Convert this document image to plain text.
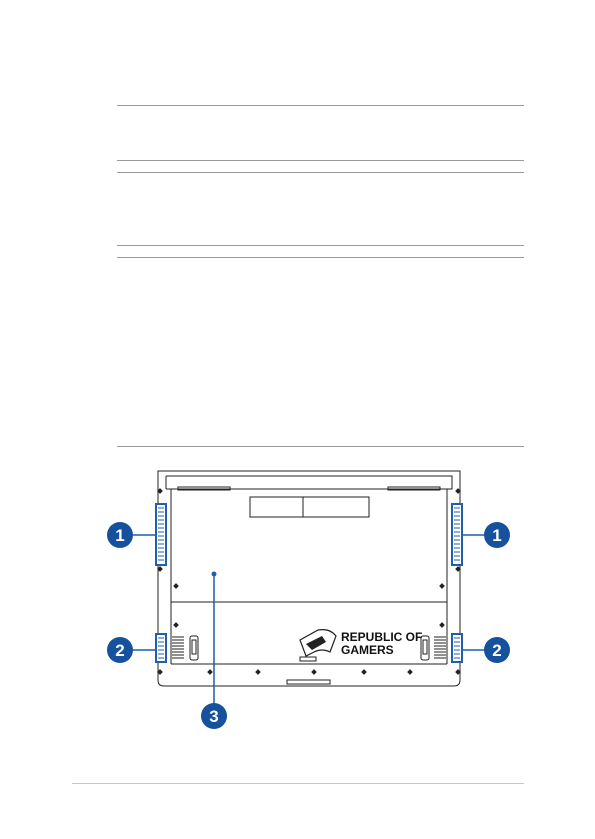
REPUBLIC OF
GAMERS
1	1
2	2
3
